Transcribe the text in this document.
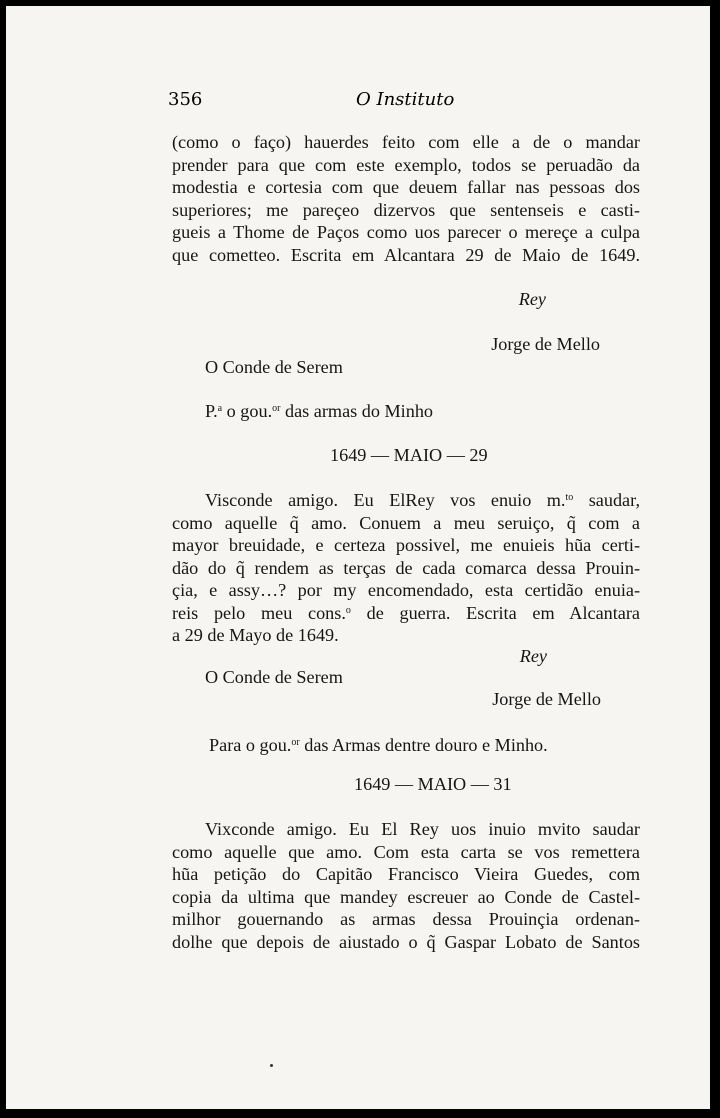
356	O Instituto
(como o faço) hauerdes feito com elle a de o mandar
prender para que com este exemplo, todos se peruadão da
modestia e cortesia com que deuem fallar nas pessoas dos
superiores; me pareçeo dizervos que sentenseis e casti-
gueis a Thome de Paços como uos parecer o mereçe a culpa
que cometteo. Escrita em Alcantara 29 de Maio de 1649.
Rey
Jorge de Mello
O Conde de Serem
P.$^a$ o gou.$^{or}$ das armas do Minho
1649 — MAIO — 29
Visconde amigo. Eu ElRey vos enuio m.$^{to}$ saudar,
como aquelle q̃ amo. Conuem a meu seruiço, q̃ com a
mayor breuidade, e certeza possivel, me enuieis hũa certi-
dão do q̃ rendem as terças de cada comarca dessa Prouin-
çia, e assy…? por my encomendado, esta certidão enuia-
reis pelo meu cons.$^o$ de guerra. Escrita em Alcantara
a 29 de Mayo de 1649.
Rey
O Conde de Serem
Jorge de Mello
Para o gou.$^{or}$ das Armas dentre douro e Minho.
1649 — MAIO — 31
Vixconde amigo. Eu El Rey uos inuio mvito saudar
como aquelle que amo. Com esta carta se vos remettera
hũa petição do Capitão Francisco Vieira Guedes, com
copia da ultima que mandey escreuer ao Conde de Castel-
milhor gouernando as armas dessa Prouinçia ordenan-
dolhe que depois de aiustado o q̃ Gaspar Lobato de Santos
